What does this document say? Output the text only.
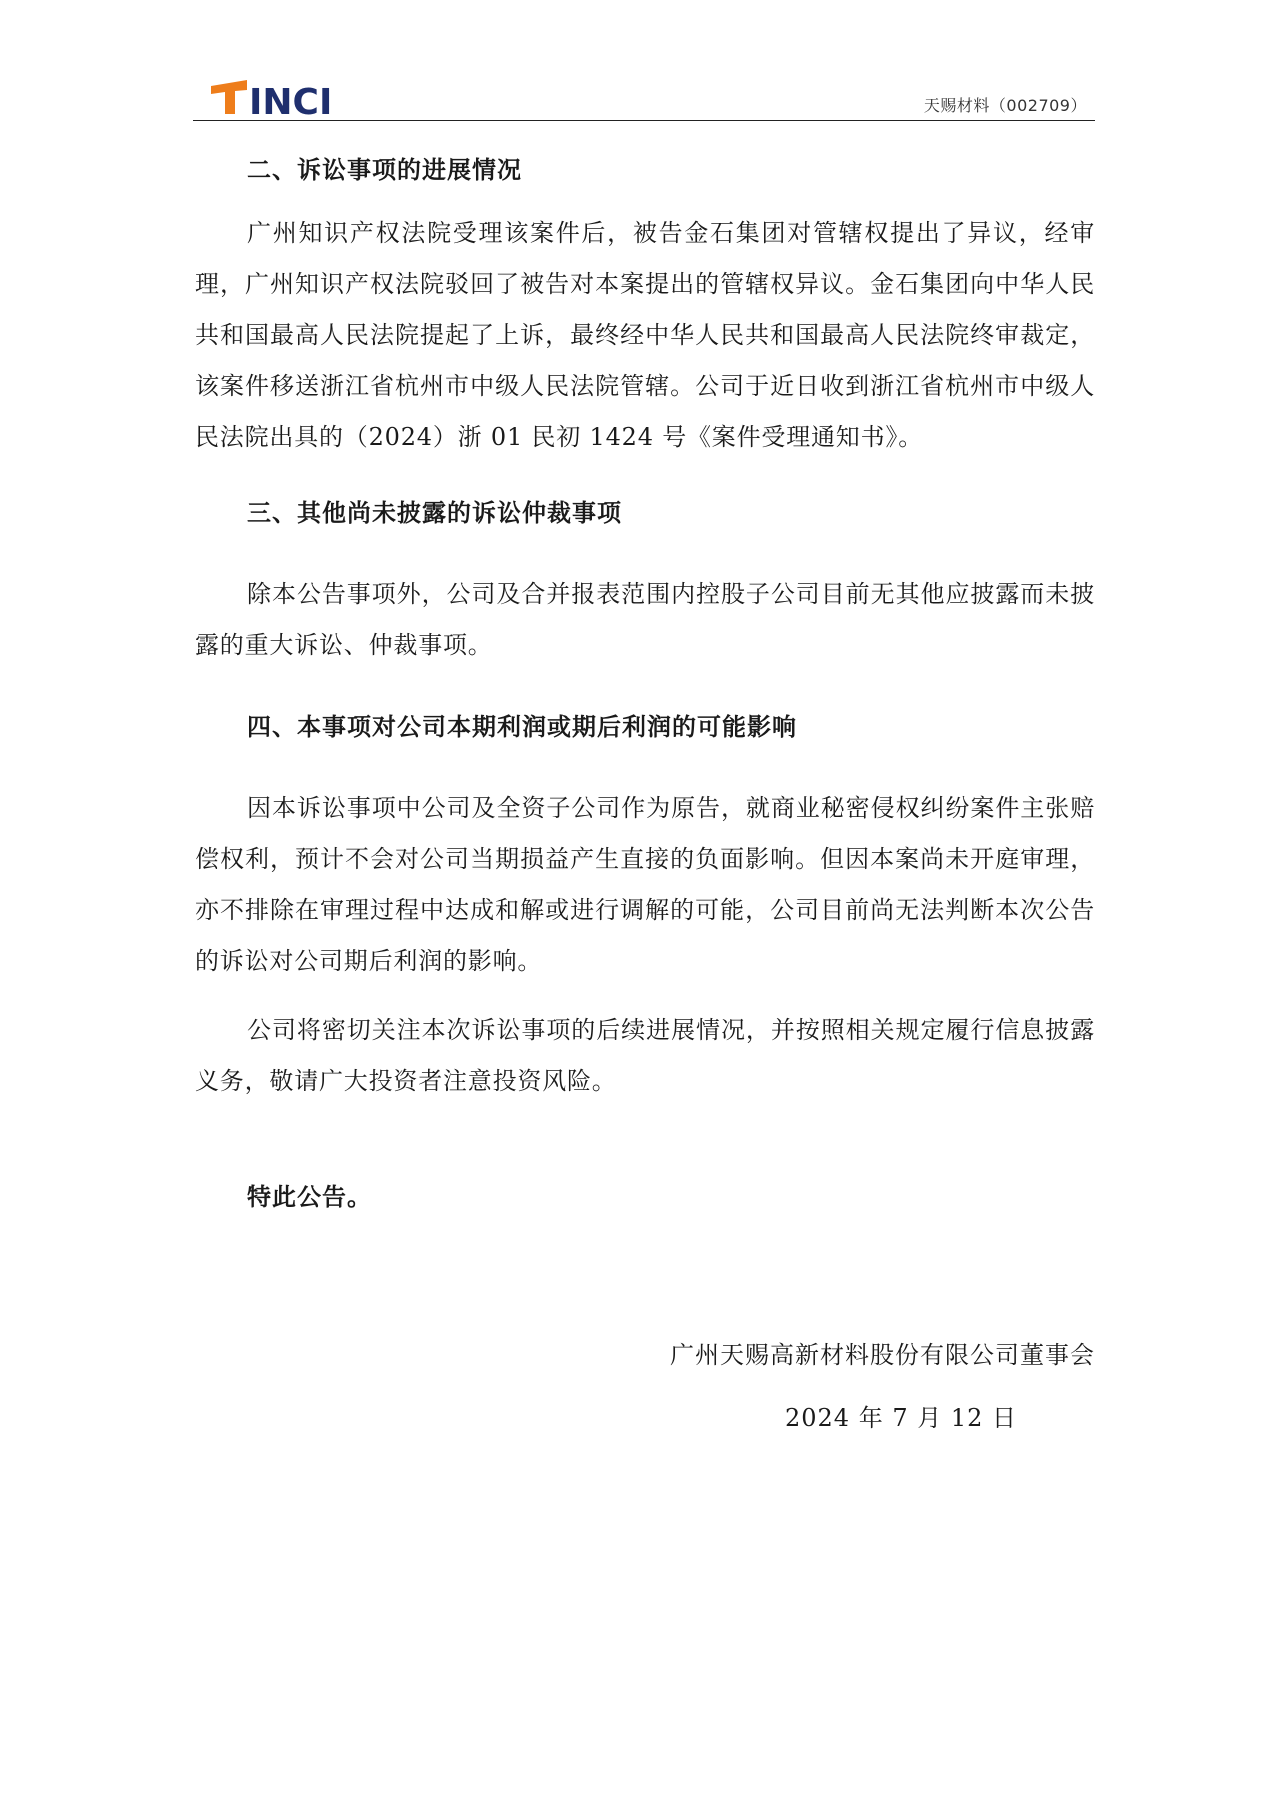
INCI	天赐材料（002709）
二、诉讼事项的进展情况

广州知识产权法院受理该案件后，被告金石集团对管辖权提出了异议，经审理，广州知识产权法院驳回了被告对本案提出的管辖权异议。金石集团向中华人民共和国最高人民法院提起了上诉，最终经中华人民共和国最高人民法院终审裁定，该案件移送浙江省杭州市中级人民法院管辖。公司于近日收到浙江省杭州市中级人民法院出具的（2024）浙 01 民初 1424 号《案件受理通知书》。

三、其他尚未披露的诉讼仲裁事项

除本公告事项外，公司及合并报表范围内控股子公司目前无其他应披露而未披露的重大诉讼、仲裁事项。

四、本事项对公司本期利润或期后利润的可能影响

因本诉讼事项中公司及全资子公司作为原告，就商业秘密侵权纠纷案件主张赔偿权利，预计不会对公司当期损益产生直接的负面影响。但因本案尚未开庭审理，亦不排除在审理过程中达成和解或进行调解的可能，公司目前尚无法判断本次公告的诉讼对公司期后利润的影响。

公司将密切关注本次诉讼事项的后续进展情况，并按照相关规定履行信息披露义务，敬请广大投资者注意投资风险。

特此公告。
广州天赐高新材料股份有限公司董事会
2024 年 7 月 12 日
